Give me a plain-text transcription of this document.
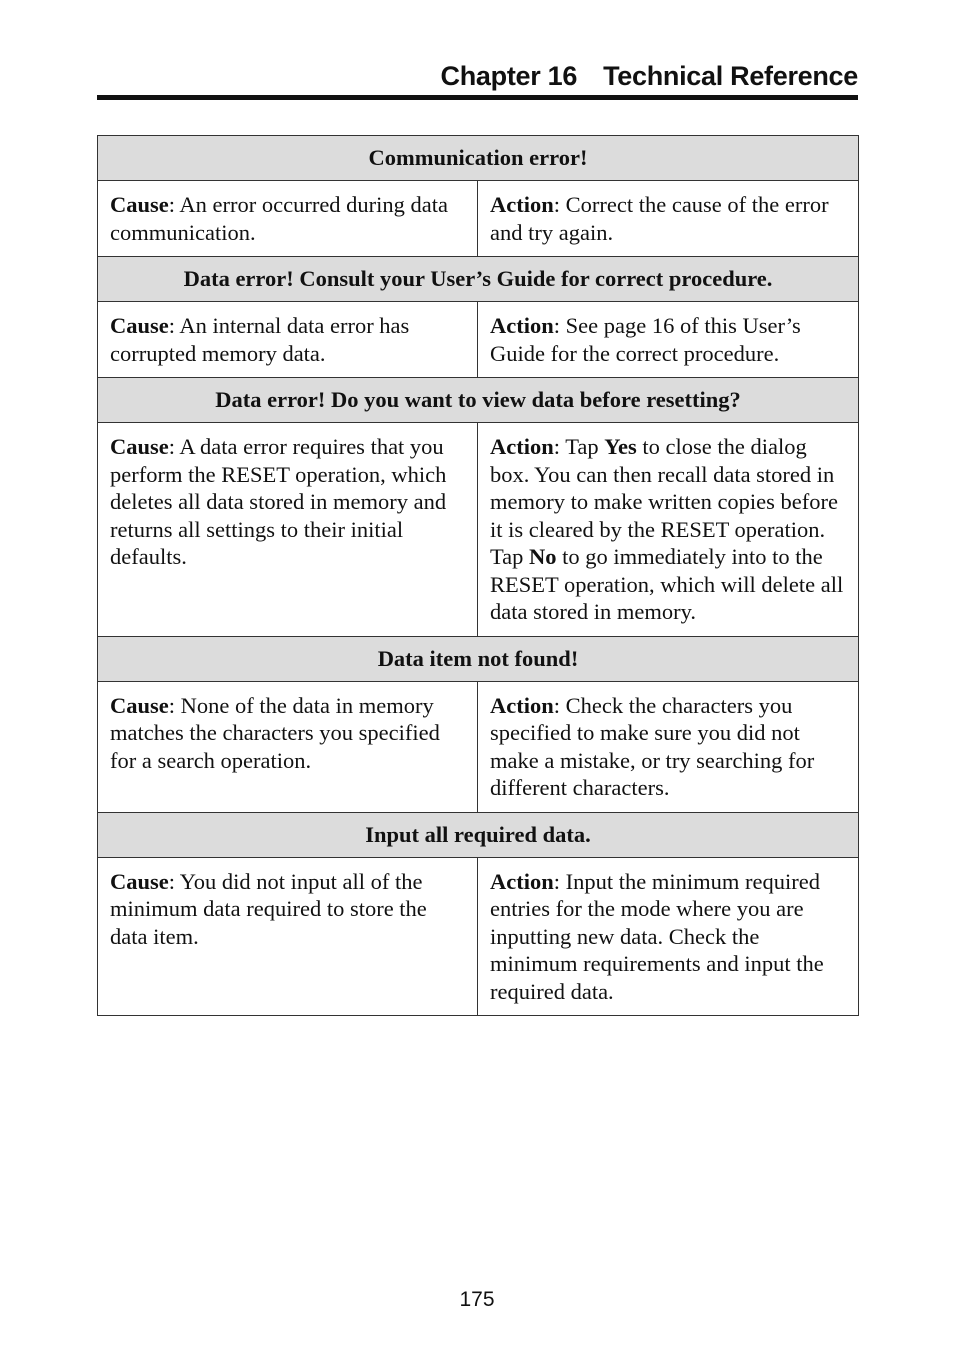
Chapter 16 Technical Reference
Communication error!	
Cause: An error occurred during data communication.	Action: Correct the cause of the error and try again.
Data error! Consult your User’s Guide for correct procedure.	
Cause: An internal data error has corrupted memory data.	Action: See page 16 of this User’s Guide for the correct procedure.
Data error! Do you want to view data before resetting?	
Cause: A data error requires that you perform the RESET operation, which deletes all data stored in memory and returns all settings to their initial defaults.	Action: Tap Yes to close the dialog box. You can then recall data stored in memory to make written copies before it is cleared by the RESET operation. Tap No to go immediately into to the RESET operation, which will delete all data stored in memory.
Data item not found!	
Cause: None of the data in memory matches the characters you specified for a search operation.	Action: Check the characters you specified to make sure you did not make a mistake, or try searching for different characters.
Input all required data.	
Cause: You did not input all of the minimum data required to store the data item.	Action: Input the minimum required entries for the mode where you are inputting new data. Check the minimum requirements and input the required data.
175
